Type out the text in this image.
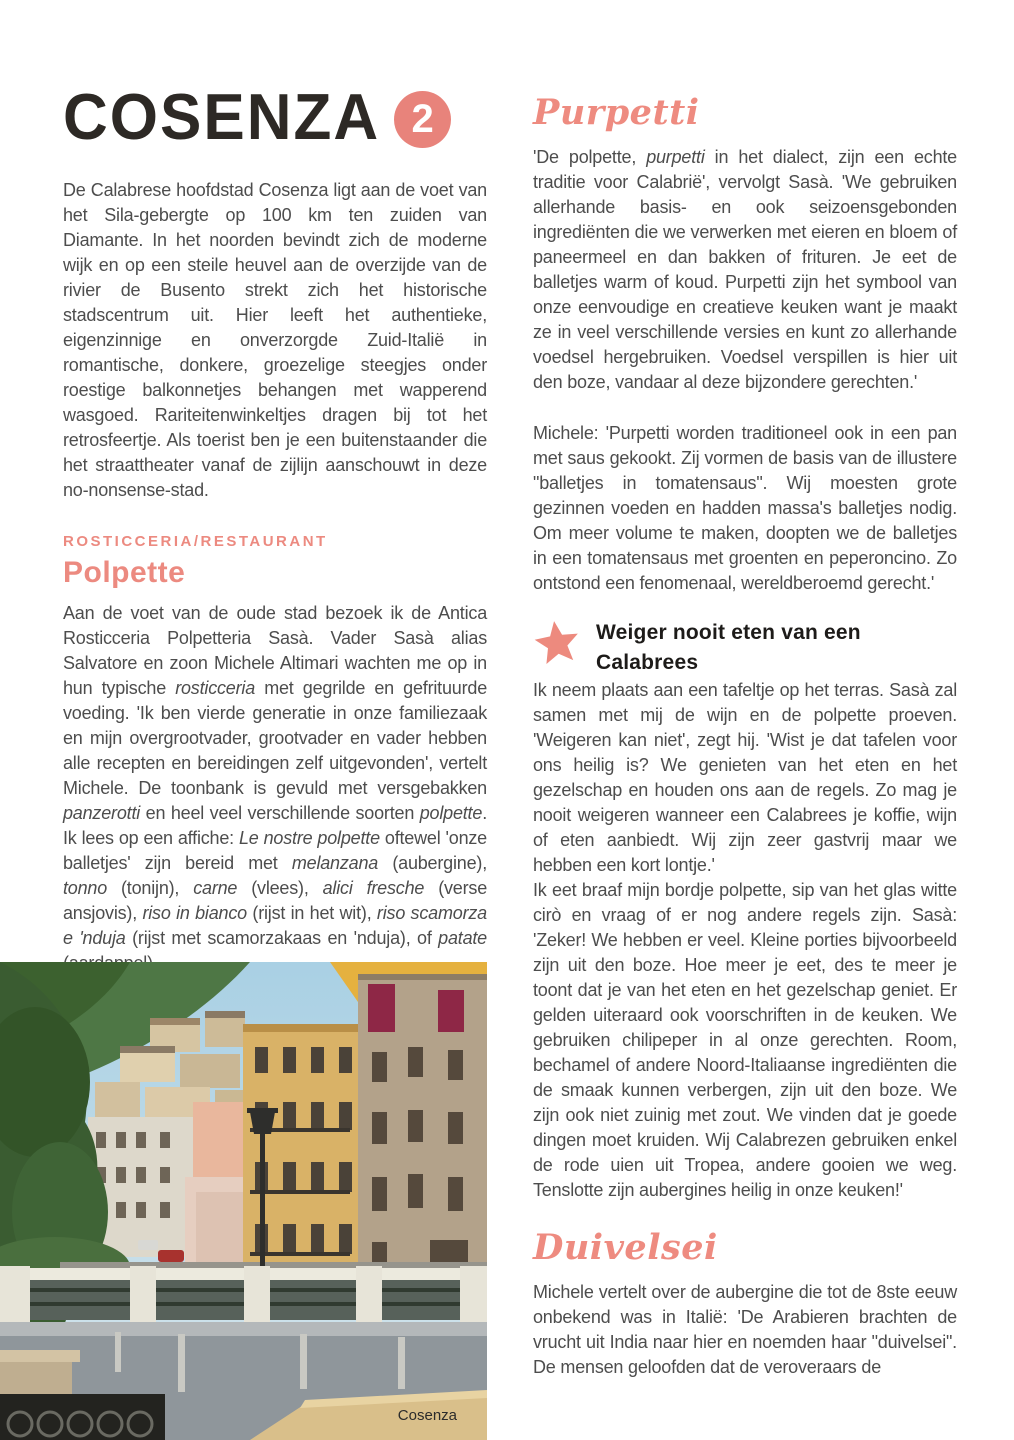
COSENZA 2

De Calabrese hoofdstad Cosenza ligt aan de voet van het Sila-gebergte op 100 km ten zuiden van Diamante. In het noorden bevindt zich de moderne wijk en op een steile heuvel aan de overzijde van de rivier de Busento strekt zich het historische stadscentrum uit. Hier leeft het authentieke, eigenzinnige en onverzorgde Zuid-Italië in romantische, donkere, groezelige steegjes onder roestige balkonnetjes behangen met wapperend wasgoed. Rariteitenwinkeltjes dragen bij tot het retrosfeertje. Als toerist ben je een buitenstaander die het straattheater vanaf de zijlijn aanschouwt in deze no-nonsense-stad.

ROSTICCERIA/RESTAURANT
Polpette

Aan de voet van de oude stad bezoek ik de Antica Rosticceria Polpetteria Sasà. Vader Sasà alias Salvatore en zoon Michele Altimari wachten me op in hun typische rosticceria met gegrilde en gefrituurde voeding. 'Ik ben vierde generatie in onze familiezaak en mijn overgrootvader, grootvader en vader hebben alle recepten en bereidingen zelf uitgevonden', vertelt Michele. De toonbank is gevuld met versgebakken panzerotti en heel veel verschillende soorten polpette. Ik lees op een affiche: Le nostre polpette oftewel 'onze balletjes' zijn bereid met melanzana (aubergine), tonno (tonijn), carne (vlees), alici fresche (verse ansjovis), riso in bianco (rijst in het wit), riso scamorza e 'nduja (rijst met scamorzakaas en 'nduja), of patate

Purpetti

'De polpette, purpetti in het dialect, zijn een echte traditie voor Calabrië', vervolgt Sasà. 'We gebruiken allerhande basis- en ook seizoensgebonden ingrediënten die we verwerken met eieren en bloem of paneermeel en dan bakken of frituren. Je eet de balletjes warm of koud. Purpetti zijn het symbool van onze eenvoudige en creatieve keuken want je maakt ze in veel verschillende versies en kunt zo allerhande voedsel hergebruiken. Voedsel verspillen is hier uit den boze, vandaar al deze bijzondere gerechten.'

Michele: 'Purpetti worden traditioneel ook in een pan met saus gekookt. Zij vormen de basis van de illustere "balletjes in tomatensaus". Wij moesten grote gezinnen voeden en hadden massa's balletjes nodig. Om meer volume te maken, doopten we de balletjes in een tomatensaus met groenten en peperoncino. Zo ontstond een fenomenaal, wereldberoemd gerecht.'

Weiger nooit eten van een Calabrees

Ik neem plaats aan een tafeltje op het terras. Sasà zal samen met mij de wijn en de polpette proeven. 'Weigeren kan niet', zegt hij. 'Wist je dat tafelen voor ons heilig is? We genieten van het eten en het gezelschap en houden ons aan de regels. Zo mag je nooit weigeren wanneer een Calabrees je koffie, wijn of eten aanbiedt. Wij zijn zeer gastvrij maar we hebben een kort lontje.'

Ik eet braaf mijn bordje polpette, sip van het glas witte cirò en vraag of er nog andere regels zijn. Sasà: 'Zeker! We hebben er veel. Kleine porties bijvoorbeeld zijn uit den boze. Hoe meer je eet, des te meer je toont dat je van het eten en het gezelschap geniet. Er gelden uiteraard ook voorschriften in de keuken. We gebruiken chilipeper in al onze gerechten. Room, bechamel of andere Noord-Italiaanse ingrediënten die de smaak kunnen verbergen, zijn uit den boze. We zijn ook niet zuinig met zout. We vinden dat je goede dingen moet kruiden. Wij Calabrezen gebruiken enkel de rode uien uit Tropea, andere gooien we weg. Tenslotte zijn aubergines heilig in onze keuken!'

Duivelsei

Michele vertelt over de aubergine die tot de 8ste eeuw onbekend was in Italië: 'De Arabieren brachten de vrucht uit India naar hier en noemden haar "duivelsei". De mensen geloofden dat de veroveraars de

Cosenza
